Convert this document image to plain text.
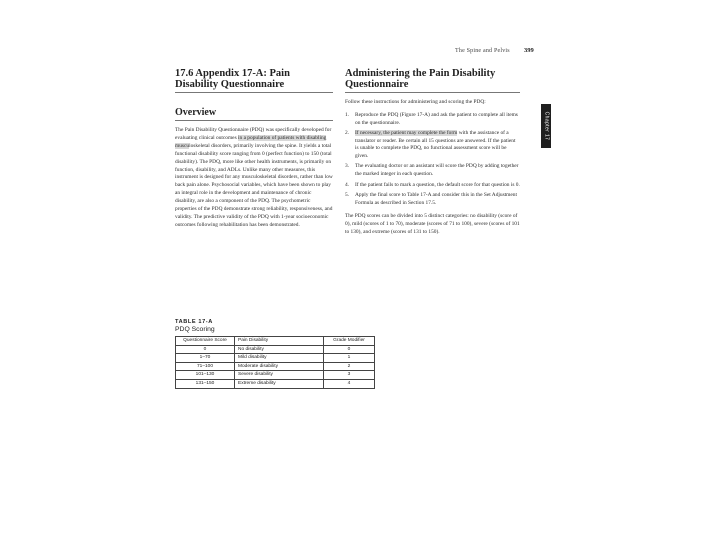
The Spine and Pelvis 399
Chapter 17
17.6 Appendix 17-A: Pain Disability Questionnaire
Overview

The Pain Disability Questionnaire (PDQ) was specifically developed for evaluating clinical outcomes in a population of patients with disabling musculoskeletal disorders, primarily involving the spine. It yields a total functional disability score ranging from 0 (perfect function) to 150 (total disability). The PDQ, more like other health instruments, is primarily on function, disability, and ADLs. Unlike many other measures, this instrument is designed for any musculoskeletal disorders, rather than low back pain alone. Psychosocial variables, which have been shown to play an integral role in the development and maintenance of chronic disability, are also a component of the PDQ. The psychometric properties of the PDQ demonstrate strong reliability, responsiveness, and validity. The predictive validity of the PDQ with 1-year socioeconomic outcomes following rehabilitation has been demonstrated.

Administering the Pain Disability Questionnaire

Follow these instructions for administering and scoring the PDQ:

1.	Reproduce the PDQ (Figure 17-A) and ask the patient to complete all items on the questionnaire.
2.	If necessary, the patient may complete the form with the assistance of a translator or reader. Be certain all 15 questions are answered. If the patient is unable to complete the PDQ, no functional assessment score will be given.
3.	The evaluating doctor or an assistant will score the PDQ by adding together the marked integer in each question.
4.	If the patient fails to mark a question, the default score for that question is 0.
5.	Apply the final score to Table 17-A and consider this in the Set Adjustment Formula as described in Section 17.5.

The PDQ scores can be divided into 5 distinct categories: no disability (score of 0), mild (scores of 1 to 70), moderate (scores of 71 to 100), severe (scores of 101 to 130), and extreme (scores of 131 to 150).

TABLE 17-A
PDQ Scoring
Questionnaire Score	Pain Disability	Grade Modifier
0	No disability	0
1–70	Mild disability	1
71–100	Moderate disability	2
101–130	Severe disability	3
131–150	Extreme disability	4
